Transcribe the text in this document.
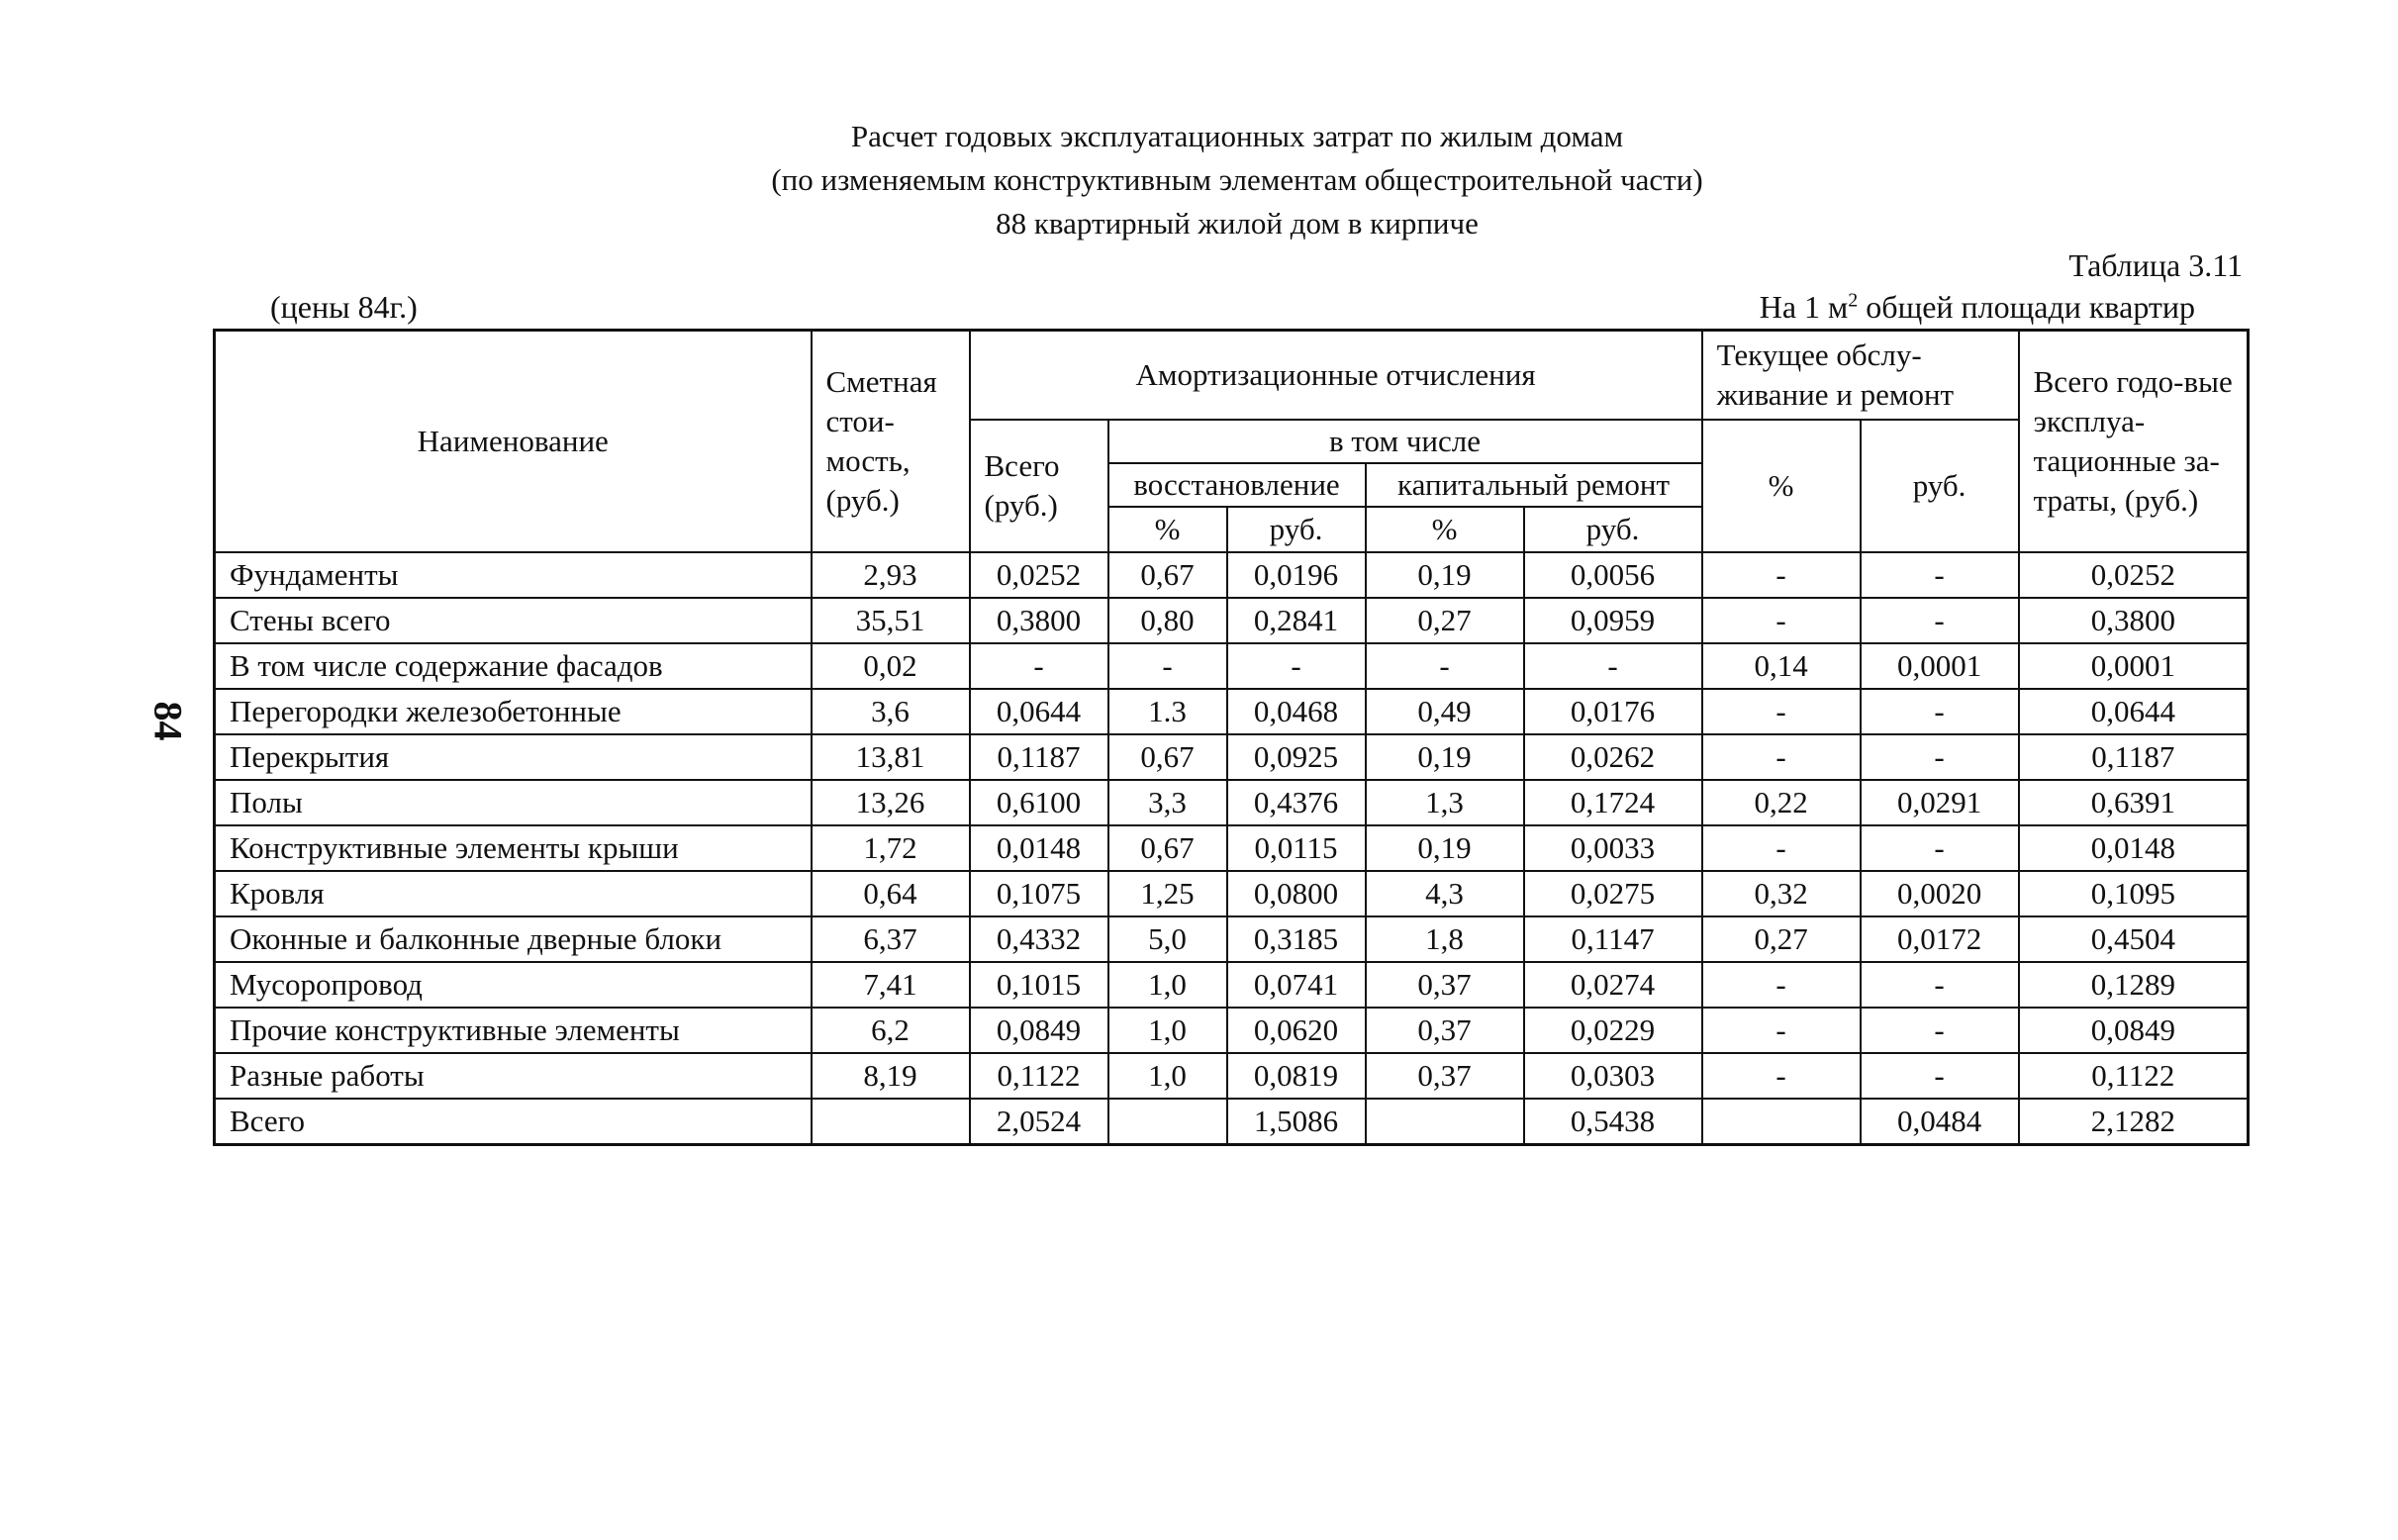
Расчет годовых эксплуатационных затрат по жилым домам
(по изменяемым конструктивным элементам общестроительной части)
88 квартирный жилой дом в кирпиче
Таблица 3.11
(цены 84г.)	На 1 $м^2$ общей площади квартир
84
Наименование	Сметная стои-мость, (руб.)	Амортизационные отчисления					Текущее обслу-живание и ремонт		Всего годо-вые эксплуа-тационные за-траты, (руб.)
		Всего (руб.)	в том числе				%	руб.	
			восстановление		капитальный ремонт				
			%	руб.	%	руб.			
Фундаменты	2,93	0,0252	0,67	0,0196	0,19	0,0056	-	-	0,0252
Стены всего	35,51	0,3800	0,80	0,2841	0,27	0,0959	-	-	0,3800
В том числе содержание фасадов	0,02	-	-	-	-	-	0,14	0,0001	0,0001
Перегородки железобетонные	3,6	0,0644	1.3	0,0468	0,49	0,0176	-	-	0,0644
Перекрытия	13,81	0,1187	0,67	0,0925	0,19	0,0262	-	-	0,1187
Полы	13,26	0,6100	3,3	0,4376	1,3	0,1724	0,22	0,0291	0,6391
Конструктивные элементы крыши	1,72	0,0148	0,67	0,0115	0,19	0,0033	-	-	0,0148
Кровля	0,64	0,1075	1,25	0,0800	4,3	0,0275	0,32	0,0020	0,1095
Оконные и балконные дверные блоки	6,37	0,4332	5,0	0,3185	1,8	0,1147	0,27	0,0172	0,4504
Мусоропровод	7,41	0,1015	1,0	0,0741	0,37	0,0274	-	-	0,1289
Прочие конструктивные элементы	6,2	0,0849	1,0	0,0620	0,37	0,0229	-	-	0,0849
Разные работы	8,19	0,1122	1,0	0,0819	0,37	0,0303	-	-	0,1122
Всего		2,0524		1,5086		0,5438		0,0484	2,1282
